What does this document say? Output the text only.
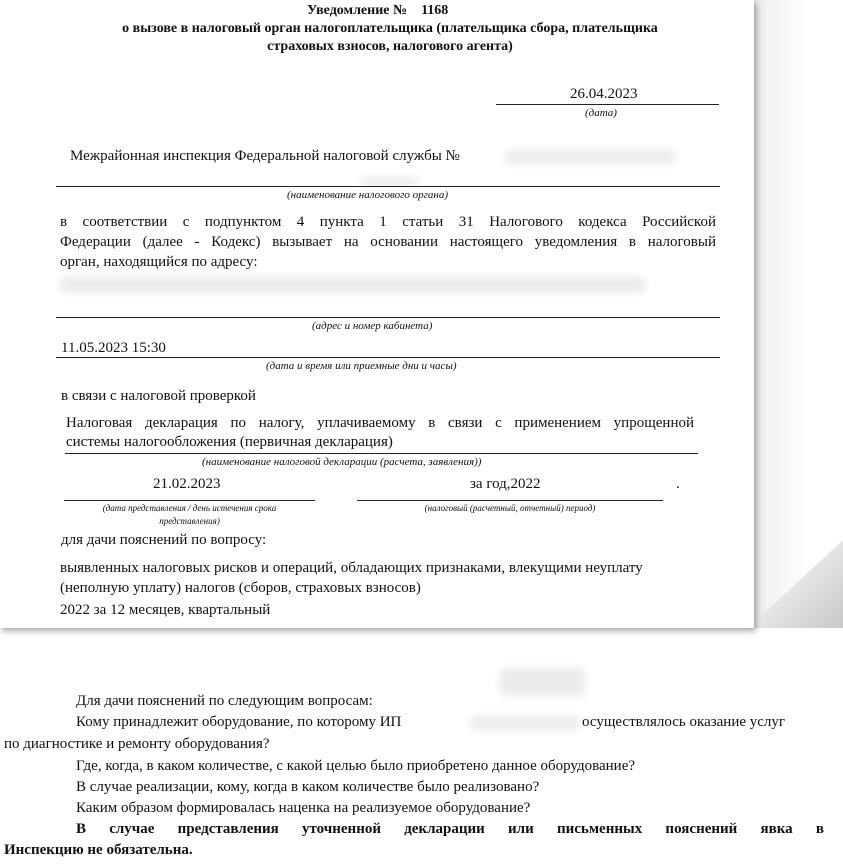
Уведомление № 1168
о вызове в налоговый орган налогоплательщика (плательщика сбора, плательщика
страховых взносов, налогового агента)
26.04.2023
(дата)
Межрайонная инспекция Федеральной налоговой службы №
(наименование налогового органа)
в соответствии с подпунктом 4 пункта 1 статьи 31 Налогового кодекса Российской
Федерации (далее - Кодекс) вызывает на основании настоящего уведомления в налоговый
орган, находящийся по адресу:
(адрес и номер кабинета)
11.05.2023 15:30
(дата и время или приемные дни и часы)
в связи с налоговой проверкой
Налоговая декларация по налогу, уплачиваемому в связи с применением упрощенной
системы налогообложения (первичная декларация)
(наименование налоговой декларации (расчета, заявления))
21.02.2023
(дата представления / день истечения срока
представления)
за год,2022
(налоговый (расчетный, отчетный) период)
.
для дачи пояснений по вопросу:
выявленных налоговых рисков и операций, обладающих признаками, влекущими неуплату
(неполную уплату) налогов (сборов, страховых взносов)
2022 за 12 месяцев, квартальный
Для дачи пояснений по следующим вопросам:
Кому принадлежит оборудование, по которому ИП	осуществлялось оказание услуг
по диагностике и ремонту оборудования?
Где, когда, в каком количестве, с какой целью было приобретено данное оборудование?
В случае реализации, кому, когда в каком количестве было реализовано?
Каким образом формировалась наценка на реализуемое оборудование?
В случае представления уточненной декларации или письменных пояснений явка в
Инспекцию не обязательна.
